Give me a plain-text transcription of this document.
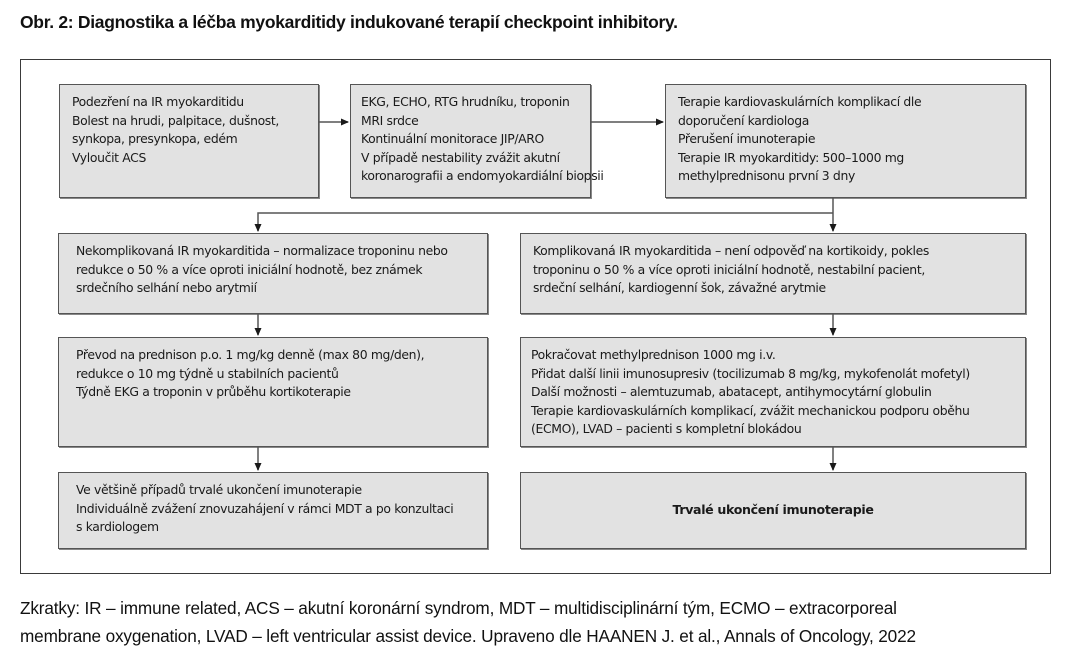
Obr. 2: Diagnostika a léčba myokarditidy indukované terapií checkpoint inhibitory.
Podezření na IR myokarditidu
Bolest na hrudi, palpitace, dušnost,
synkopa, presynkopa, edém
Vyloučit ACS
EKG, ECHO, RTG hrudníku, troponin
MRI srdce
Kontinuální monitorace JIP/ARO
V případě nestability zvážit akutní
koronarografii a endomyokardiální biopsii
Terapie kardiovaskulárních komplikací dle
doporučení kardiologa
Přerušení imunoterapie
Terapie IR myokarditidy: 500–1000 mg
methylprednisonu první 3 dny
Nekomplikovaná IR myokarditida – normalizace troponinu nebo
redukce o 50 % a více oproti iniciální hodnotě, bez známek
srdečního selhání nebo arytmií
Komplikovaná IR myokarditida – není odpověď na kortikoidy, pokles
troponinu o 50 % a více oproti iniciální hodnotě, nestabilní pacient,
srdeční selhání, kardiogenní šok, závažné arytmie
Převod na prednison p.o. 1 mg/kg denně (max 80 mg/den),
redukce o 10 mg týdně u stabilních pacientů
Týdně EKG a troponin v průběhu kortikoterapie
Pokračovat methylprednison 1000 mg i.v.
Přidat další linii imunosupresiv (tocilizumab 8 mg/kg, mykofenolát mofetyl)
Další možnosti – alemtuzumab, abatacept, antihymocytární globulin
Terapie kardiovaskulárních komplikací, zvážit mechanickou podporu oběhu
(ECMO), LVAD – pacienti s kompletní blokádou
Ve většině případů trvalé ukončení imunoterapie
Individuálně zvážení znovuzahájení v rámci MDT a po konzultaci
s kardiologem
Trvalé ukončení imunoterapie
Zkratky: IR – immune related, ACS – akutní koronární syndrom, MDT – multidisciplinární tým, ECMO – extracorporeal
membrane oxygenation, LVAD – left ventricular assist device. Upraveno dle HAANEN J. et al., Annals of Oncology, 2022
